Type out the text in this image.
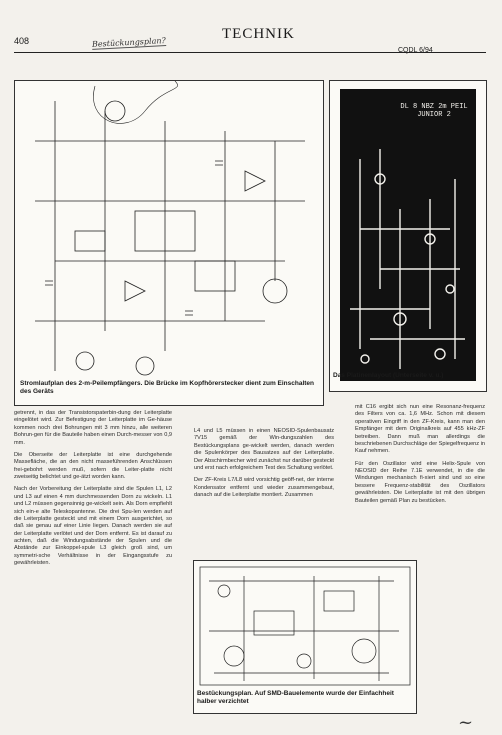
408	Bestückungsplan?
TECHNIK
CQDL 6/94
Stromlaufplan des 2-m-Peilempfängers. Die Brücke im Kopfhörerstecker dient zum Einschalten des Geräts
DL 8 NBZ 2m PEIL JUNIOR 2
Das Platinenlayout (Unterseite v. u.)

getrennt, in das der Transistorspaterbin-dung der Leiterplatte eingelötet wird. Zur Befestigung der Leiterplatte im Ge-häuse kommen noch drei Bohrungen mit 3 mm hinzu, alle weiteren Bohrun-gen für die Bauteile haben einen Durch-messer von 0,9 mm.

Die Oberseite der Leiterplatte ist eine durchgehende Massefläche, die an den nicht masseführenden Anschlüssen frei-gebohrt werden muß, sofern die Leiter-platte nicht zweiseitig belichtet und ge-ätzt worden kann.

Nach der Vorbereitung der Leiterplatte sind die Spulen L1, L2 und L3 auf einen 4 mm durchmessenden Dorn zu wickeln. L1 und L2 müssen gegensinnig ge-wickelt sein. Als Dorn empfiehlt sich ein-e alte Teleskopantenne. Die drei Spu-len werden auf die Leiterplatte gesteckt und mit einem Dorn ausgerichtet, so daß sie genau auf einer Linie liegen. Danach werden sie auf der Leiterplatte verlötet und der Dorn entfernt. Es ist darauf zu achten, daß die Windungsabstände der Spulen und die Abstände zur Einkoppel-spule L3 gleich groß sind, um symmetri-sche Verhältnisse in der Eingangsstufe zu gewährleisten.

L4 und L5 müssen in einen NEOSID-Spulenbausatz 7V15 gemäß der Win-dungszahlen des Bestückungsplans ge-wickelt werden, danach werden die Spulenkörper des Bausatzes auf der Leiterplatte. Der Abschirmbecher wird zunächst nur darüber gesteckt und erst nach erfolgreichem Test des Schaltung verlötet.

Der ZF-Kreis L7/L8 wird vorsichtig geöff-net, der interne Kondensator entfernt und wieder zusammengebaut, danach auf die Leiterplatte montiert. Zusammen

mit C16 ergibt sich nun eine Resonanz-frequenz des Filters von ca. 1,6 MHz. Schon mit diesem operativen Eingriff in den ZF-Kreis, kann man den Empfänger mit dem Originalkreis auf 455 kHz-ZF betreiben. Dann muß man allerdings die beschriebenen Durchschläge der Spiegelfrequenz in Kauf nehmen.

Für den Oszillator wird eine Helix-Spule von NEOSID der Reihe 7.1E verwendet, in die die Windungen mechanisch fi-xiert sind und so eine bessere Frequenz-stabilität des Oszillators gewährleisten. Die Leiterplatte ist mit den übrigen Bauteilen gemäß Plan zu bestücken.

Bestückungsplan. Auf SMD-Bauelemente wurde der Einfachheit halber verzichtet
~
